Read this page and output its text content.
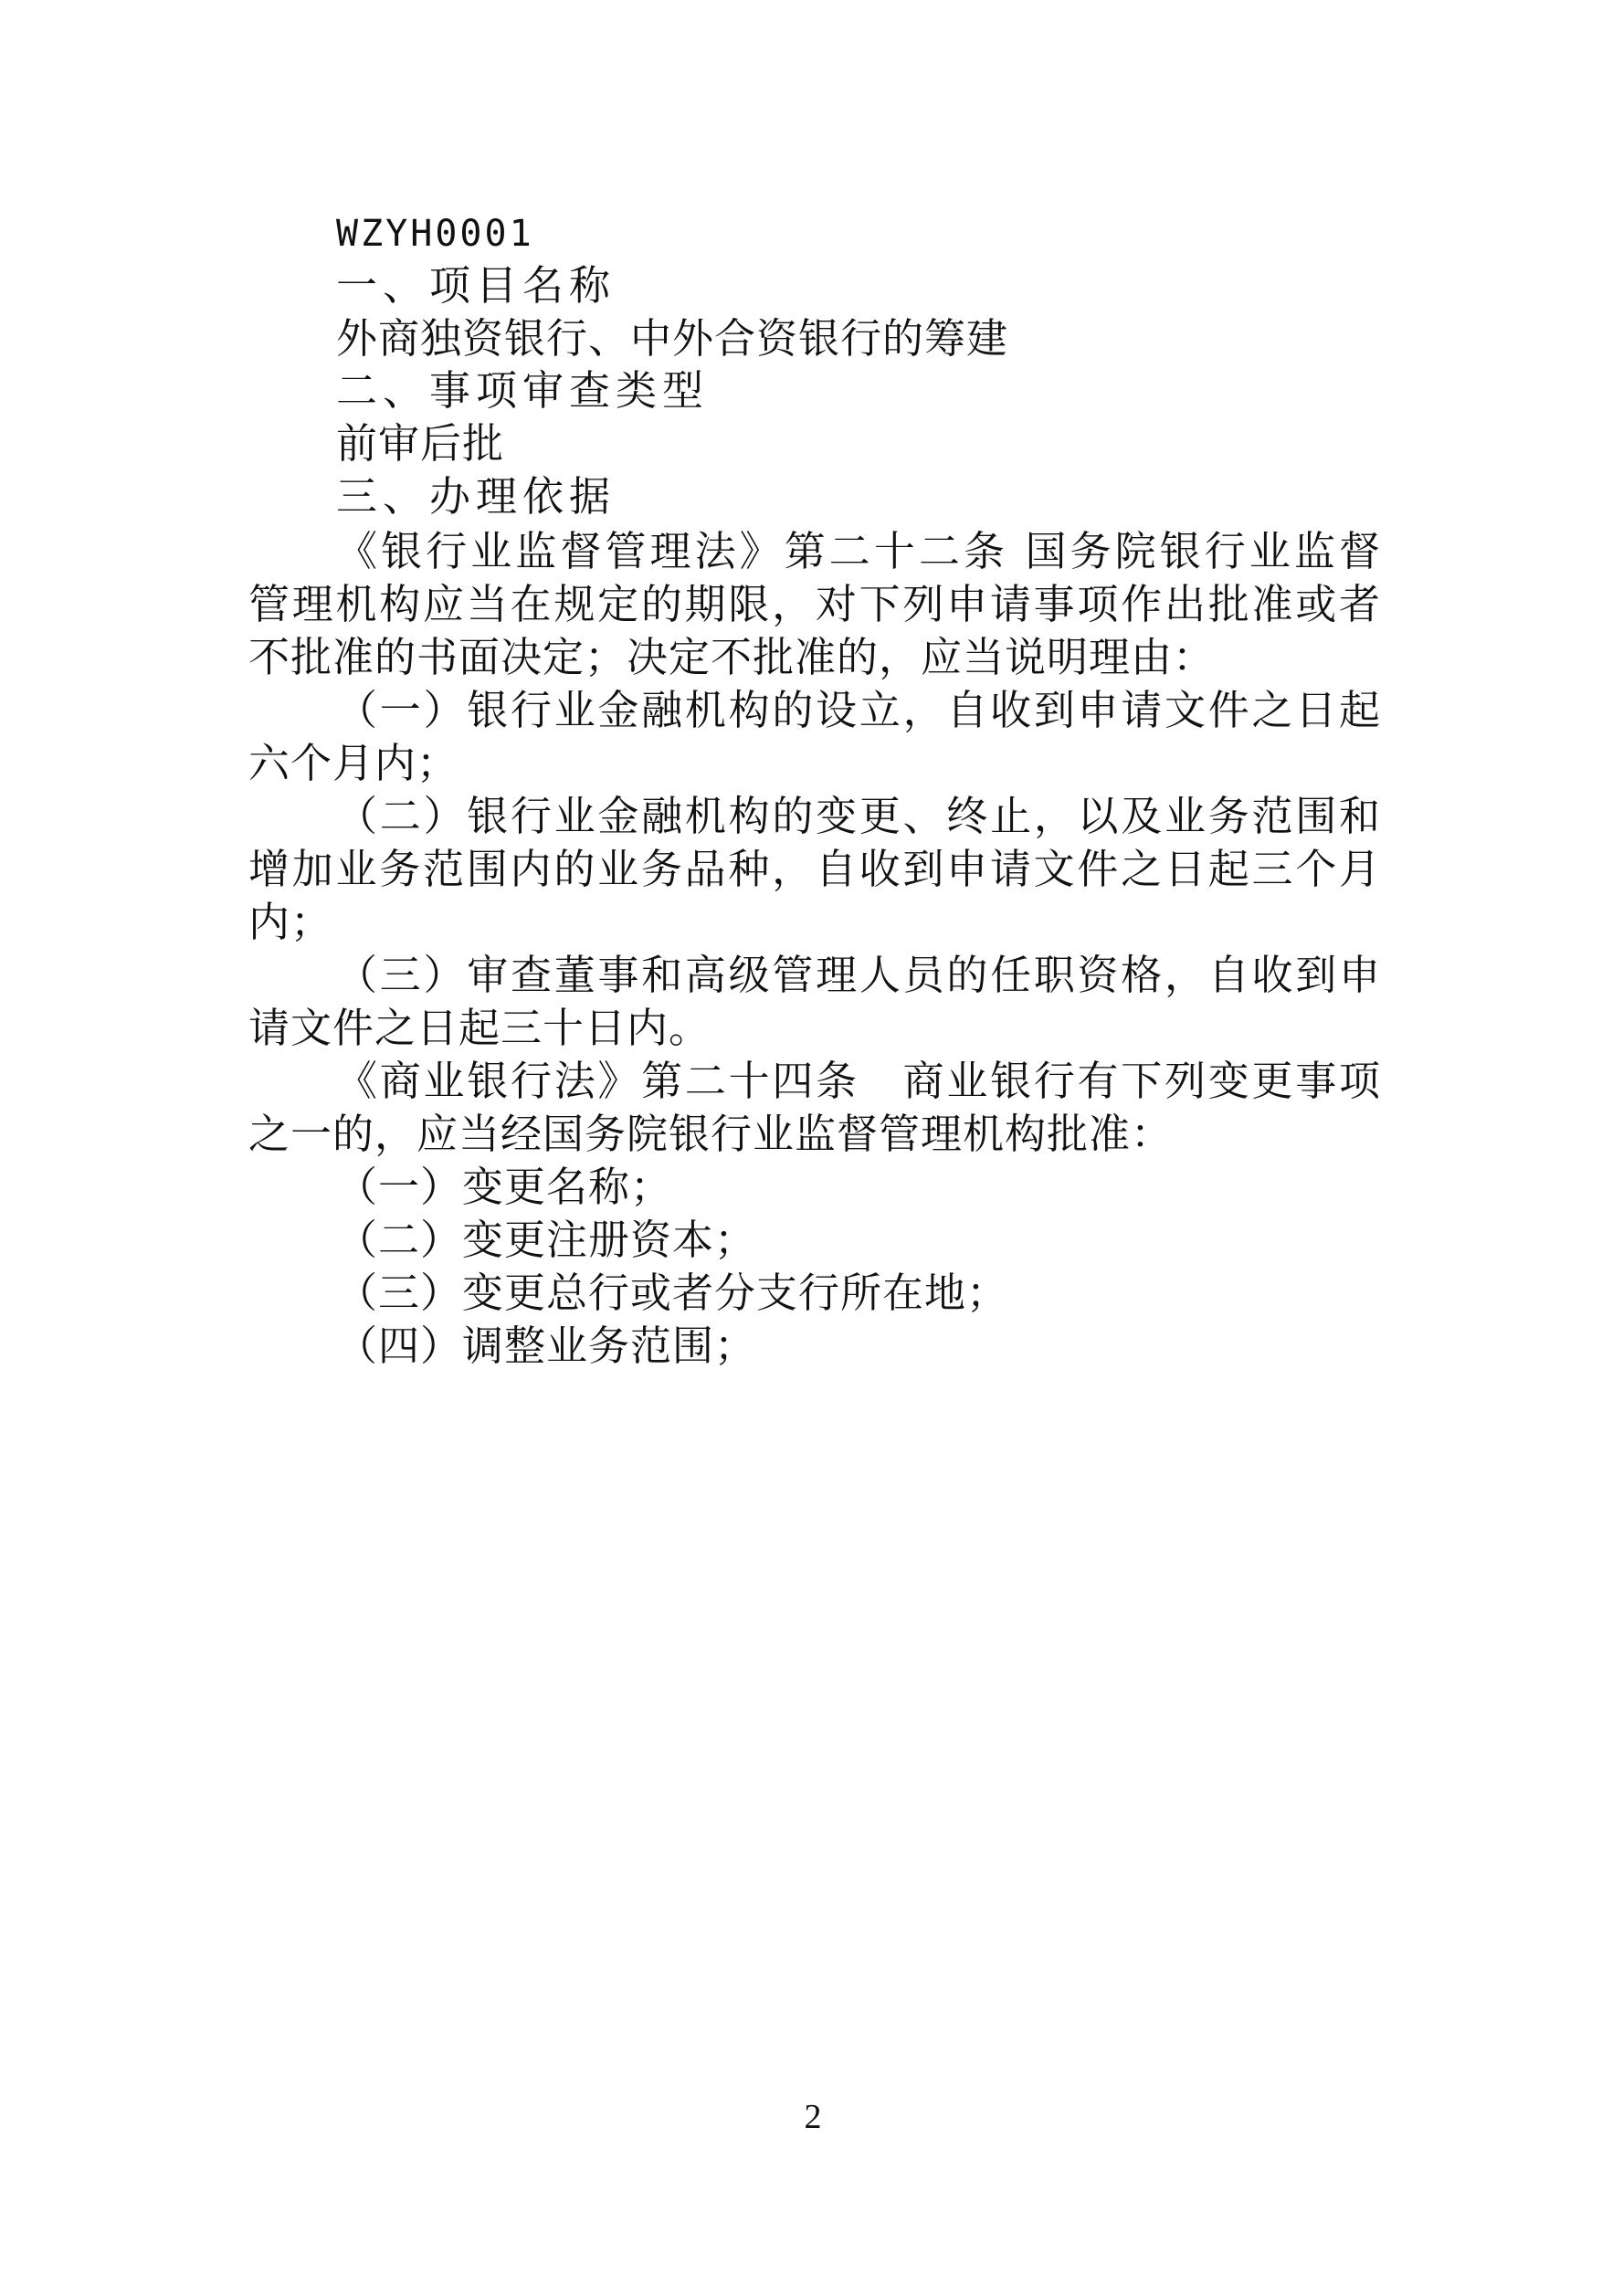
WZYH0001
一、项目名称
外商独资银行、中外合资银行的筹建
二、事项审查类型
前审后批
三、办理依据
《银行业监督管理法》第二十二条 国务院银行业监督
管理机构应当在规定的期限，对下列申请事项作出批准或者
不批准的书面决定；决定不批准的，应当说明理由：
（一）银行业金融机构的设立，自收到申请文件之日起
六个月内；
（二）银行业金融机构的变更、终止，以及业务范围和
增加业务范围内的业务品种，自收到申请文件之日起三个月
内；
（三）审查董事和高级管理人员的任职资格，自收到申
请文件之日起三十日内。
《商业银行法》第二十四条　商业银行有下列变更事项
之一的，应当经国务院银行业监督管理机构批准：
（一）变更名称；
（二）变更注册资本；
（三）变更总行或者分支行所在地；
（四）调整业务范围；
2
